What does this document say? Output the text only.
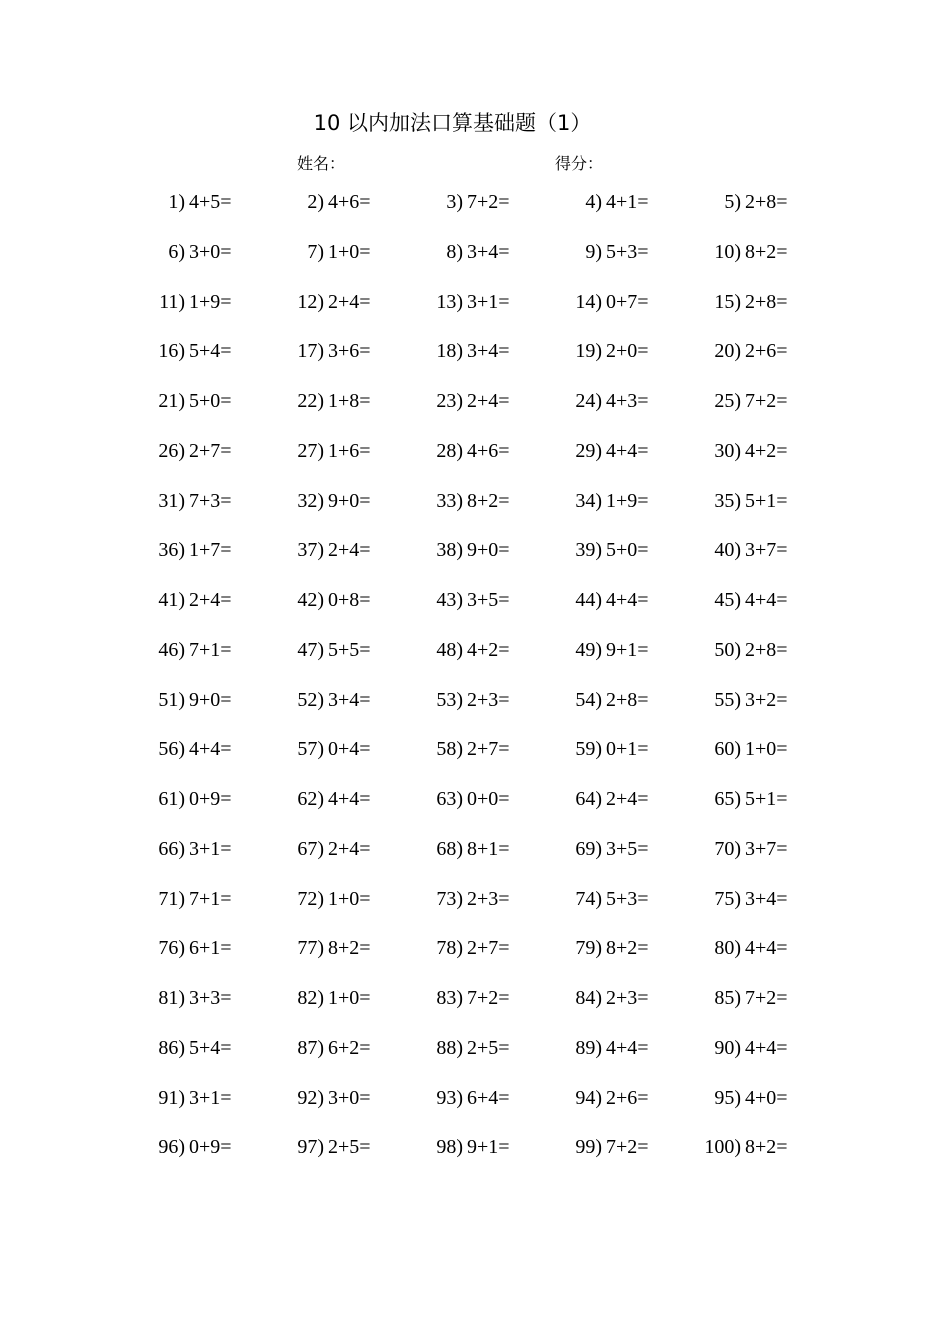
10 以内加法口算基础题（1）
姓名：	得分：
1) 4+5=	2) 4+6=	3) 7+2=	4) 4+1=	5) 2+8=
6) 3+0=	7) 1+0=	8) 3+4=	9) 5+3=	10) 8+2=
11) 1+9=	12) 2+4=	13) 3+1=	14) 0+7=	15) 2+8=
16) 5+4=	17) 3+6=	18) 3+4=	19) 2+0=	20) 2+6=
21) 5+0=	22) 1+8=	23) 2+4=	24) 4+3=	25) 7+2=
26) 2+7=	27) 1+6=	28) 4+6=	29) 4+4=	30) 4+2=
31) 7+3=	32) 9+0=	33) 8+2=	34) 1+9=	35) 5+1=
36) 1+7=	37) 2+4=	38) 9+0=	39) 5+0=	40) 3+7=
41) 2+4=	42) 0+8=	43) 3+5=	44) 4+4=	45) 4+4=
46) 7+1=	47) 5+5=	48) 4+2=	49) 9+1=	50) 2+8=
51) 9+0=	52) 3+4=	53) 2+3=	54) 2+8=	55) 3+2=
56) 4+4=	57) 0+4=	58) 2+7=	59) 0+1=	60) 1+0=
61) 0+9=	62) 4+4=	63) 0+0=	64) 2+4=	65) 5+1=
66) 3+1=	67) 2+4=	68) 8+1=	69) 3+5=	70) 3+7=
71) 7+1=	72) 1+0=	73) 2+3=	74) 5+3=	75) 3+4=
76) 6+1=	77) 8+2=	78) 2+7=	79) 8+2=	80) 4+4=
81) 3+3=	82) 1+0=	83) 7+2=	84) 2+3=	85) 7+2=
86) 5+4=	87) 6+2=	88) 2+5=	89) 4+4=	90) 4+4=
91) 3+1=	92) 3+0=	93) 6+4=	94) 2+6=	95) 4+0=
96) 0+9=	97) 2+5=	98) 9+1=	99) 7+2=	100) 8+2=
